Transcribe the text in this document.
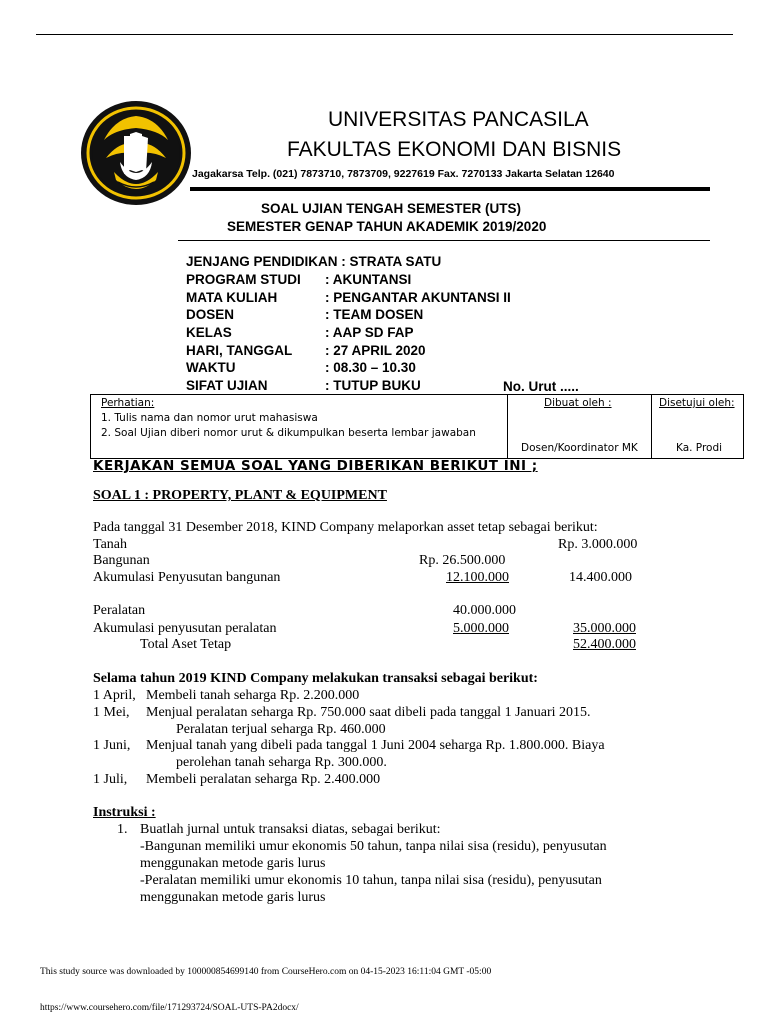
UNIVERSITAS PANCASILA
FAKULTAS EKONOMI DAN BISNIS
Jagakarsa Telp. (021) 7873710, 7873709, 9227619 Fax. 7270133 Jakarta Selatan 12640
SOAL UJIAN TENGAH SEMESTER (UTS)
SEMESTER GENAP TAHUN AKADEMIK 2019/2020
JENJANG PENDIDIKAN : STRATA SATU
PROGRAM STUDI : AKUNTANSI
MATA KULIAH	: PENGANTAR AKUNTANSI II
DOSEN	: TEAM DOSEN
KELAS	: AAP SD FAP
HARI, TANGGAL : 27 APRIL 2020
WAKTU	: 08.30 – 10.30
SIFAT UJIAN	: TUTUP BUKU	No. Urut .....
Perhatian:
1. Tulis nama dan nomor urut mahasiswa
2. Soal Ujian diberi nomor urut & dikumpulkan beserta lembar jawaban
Dibuat oleh :
Dosen/Koordinator MK
Disetujui oleh:
Ka. Prodi
KERJAKAN SEMUA SOAL YANG DIBERIKAN BERIKUT INI ;
SOAL 1 : PROPERTY, PLANT & EQUIPMENT
Pada tanggal 31 Desember 2018, KIND Company melaporkan asset tetap sebagai berikut:
Tanah	Rp. 3.000.000
Bangunan	Rp. 26.500.000
Akumulasi Penyusutan bangunan	12.100.000	14.400.000
Peralatan	40.000.000
Akumulasi penyusutan peralatan	5.000.000	35.000.000
Total Aset Tetap	52.400.000
Selama tahun 2019 KIND Company melakukan transaksi sebagai berikut:
1 April, Membeli tanah seharga Rp. 2.200.000
1 Mei, Menjual peralatan seharga Rp. 750.000 saat dibeli pada tanggal 1 Januari 2015.
Peralatan terjual seharga Rp. 460.000
1 Juni, Menjual tanah yang dibeli pada tanggal 1 Juni 2004 seharga Rp. 1.800.000. Biaya
perolehan tanah seharga Rp. 300.000.
1 Juli, Membeli peralatan seharga Rp. 2.400.000
Instruksi :
1. Buatlah jurnal untuk transaksi diatas, sebagai berikut:
-Bangunan memiliki umur ekonomis 50 tahun, tanpa nilai sisa (residu), penyusutan
menggunakan metode garis lurus
-Peralatan memiliki umur ekonomis 10 tahun, tanpa nilai sisa (residu), penyusutan
menggunakan metode garis lurus
This study source was downloaded by 100000854699140 from CourseHero.com on 04-15-2023 16:11:04 GMT -05:00
https://www.coursehero.com/file/171293724/SOAL-UTS-PA2docx/
